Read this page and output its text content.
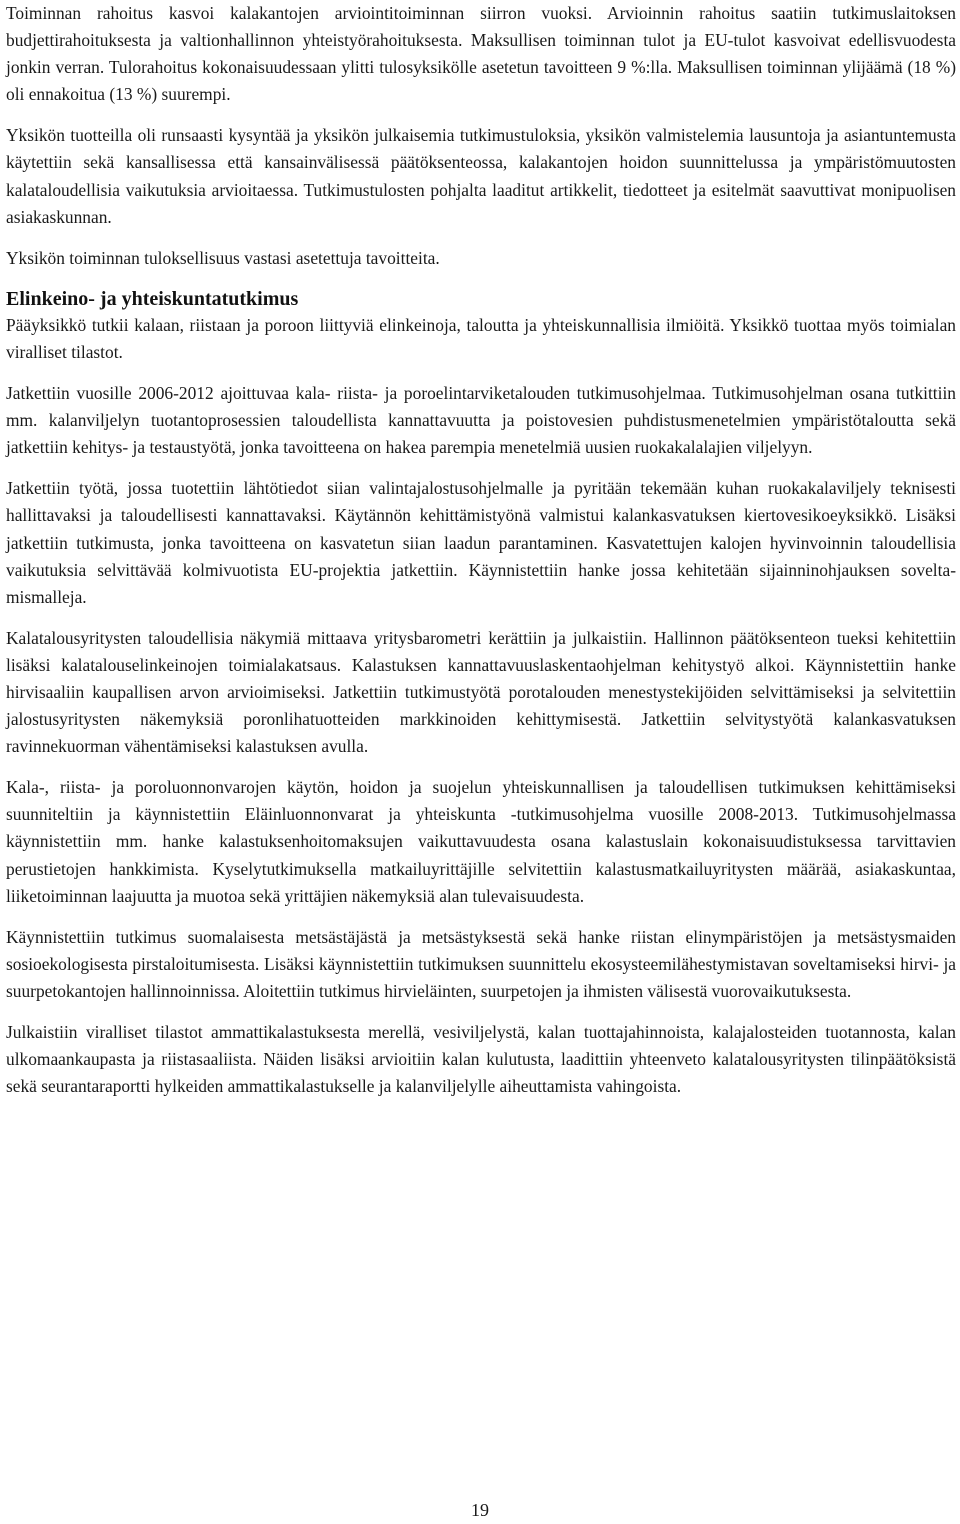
Toiminnan rahoitus kasvoi kalakantojen arviointitoiminnan siirron vuoksi. Arvioinnin rahoitus saatiin tutkimuslaitoksen budjettirahoituksesta ja valtionhallinnon yhteistyörahoituksesta. Maksullisen toiminnan tulot ja EU-tulot kasvoivat edellisvuodesta jonkin verran. Tulorahoitus kokonaisuudessaan ylitti tulosyksikölle asetetun tavoitteen 9 %:lla. Maksullisen toiminnan ylijäämä (18 %) oli ennakoitua (13 %) suurempi.

Yksikön tuotteilla oli runsaasti kysyntää ja yksikön julkaisemia tutkimustuloksia, yksikön valmistelemia lausuntoja ja asiantuntemusta käytettiin sekä kansallisessa että kansainvälisessä päätöksenteossa, kalakantojen hoidon suunnittelussa ja ympäristömuutosten kalataloudellisia vaikutuksia arvioitaessa. Tutkimustulosten pohjalta laaditut artikkelit, tiedotteet ja esitelmät saavuttivat monipuolisen asiakaskunnan.

Yksikön toiminnan tuloksellisuus vastasi asetettuja tavoitteita.

Elinkeino- ja yhteiskuntatutkimus

Pääyksikkö tutkii kalaan, riistaan ja poroon liittyviä elinkeinoja, taloutta ja yhteiskunnallisia ilmiöitä. Yksikkö tuottaa myös toimialan viralliset tilastot.

Jatkettiin vuosille 2006-2012 ajoittuvaa kala- riista- ja poroelintarviketalouden tutkimusohjelmaa. Tutkimusohjelman osana tutkittiin mm. kalanviljelyn tuotantoprosessien taloudellista kannattavuutta ja poistovesien puhdistusmenetelmien ympäristötaloutta sekä jatkettiin kehitys- ja testaustyötä, jonka tavoitteena on hakea parempia menetelmiä uusien ruokakalalajien viljelyyn.

Jatkettiin työtä, jossa tuotettiin lähtötiedot siian valintajalostusohjelmalle ja pyritään tekemään kuhan ruokakalaviljely teknisesti hallittavaksi ja taloudellisesti kannattavaksi. Käytännön kehittämistyönä valmistui kalankasvatuksen kiertovesikoeyksikkö. Lisäksi jatkettiin tutkimusta, jonka tavoitteena on kasvatetun siian laadun parantaminen. Kasvatettujen kalojen hyvinvoinnin taloudellisia vaikutuksia selvittävää kolmivuotista EU-projektia jatkettiin. Käynnistettiin hanke jossa kehitetään sijainninohjauksen soveltamismalleja.

Kalatalousyritysten taloudellisia näkymiä mittaava yritysbarometri kerättiin ja julkaistiin. Hallinnon päätöksenteon tueksi kehitettiin lisäksi kalatalouselinkeinojen toimialakatsaus. Kalastuksen kannattavuuslaskentaohjelman kehitystyö alkoi. Käynnistettiin hanke hirvisaaliin kaupallisen arvon arvioimiseksi. Jatkettiin tutkimustyötä porotalouden menestystekijöiden selvittämiseksi ja selvitettiin jalostusyritysten näkemyksiä poronlihatuotteiden markkinoiden kehittymisestä. Jatkettiin selvitystyötä kalankasvatuksen ravinnekuorman vähentämiseksi kalastuksen avulla.

Kala-, riista- ja poroluonnonvarojen käytön, hoidon ja suojelun yhteiskunnallisen ja taloudellisen tutkimuksen kehittämiseksi suunniteltiin ja käynnistettiin Eläinluonnonvarat ja yhteiskunta -tutkimusohjelma vuosille 2008-2013. Tutkimusohjelmassa käynnistettiin mm. hanke kalastuksenhoitomaksujen vaikuttavuudesta osana kalastuslain kokonaisuudistuksessa tarvittavien perustietojen hankkimista. Kyselytutkimuksella matkailuyrittäjille selvitettiin kalastusmatkailuyritysten määrää, asiakaskuntaa, liiketoiminnan laajuutta ja muotoa sekä yrittäjien näkemyksiä alan tulevaisuudesta.

Käynnistettiin tutkimus suomalaisesta metsästäjästä ja metsästyksestä sekä hanke riistan elinympäristöjen ja metsästysmaiden sosioekologisesta pirstaloitumisesta. Lisäksi käynnistettiin tutkimuksen suunnittelu ekosysteemilähestymistavan soveltamiseksi hirvi- ja suurpetokantojen hallinnoinnissa. Aloitettiin tutkimus hirvieläinten, suurpetojen ja ihmisten välisestä vuorovaikutuksesta.

Julkaistiin viralliset tilastot ammattikalastuksesta merellä, vesiviljelystä, kalan tuottajahinnoista, kalajalosteiden tuotannosta, kalan ulkomaankaupasta ja riistasaaliista. Näiden lisäksi arvioitiin kalan kulutusta, laadittiin yhteenveto kalatalousyritysten tilinpäätöksistä sekä seurantaraportti hylkeiden ammattikalastukselle ja kalanviljelylle aiheuttamista vahingoista.

19
